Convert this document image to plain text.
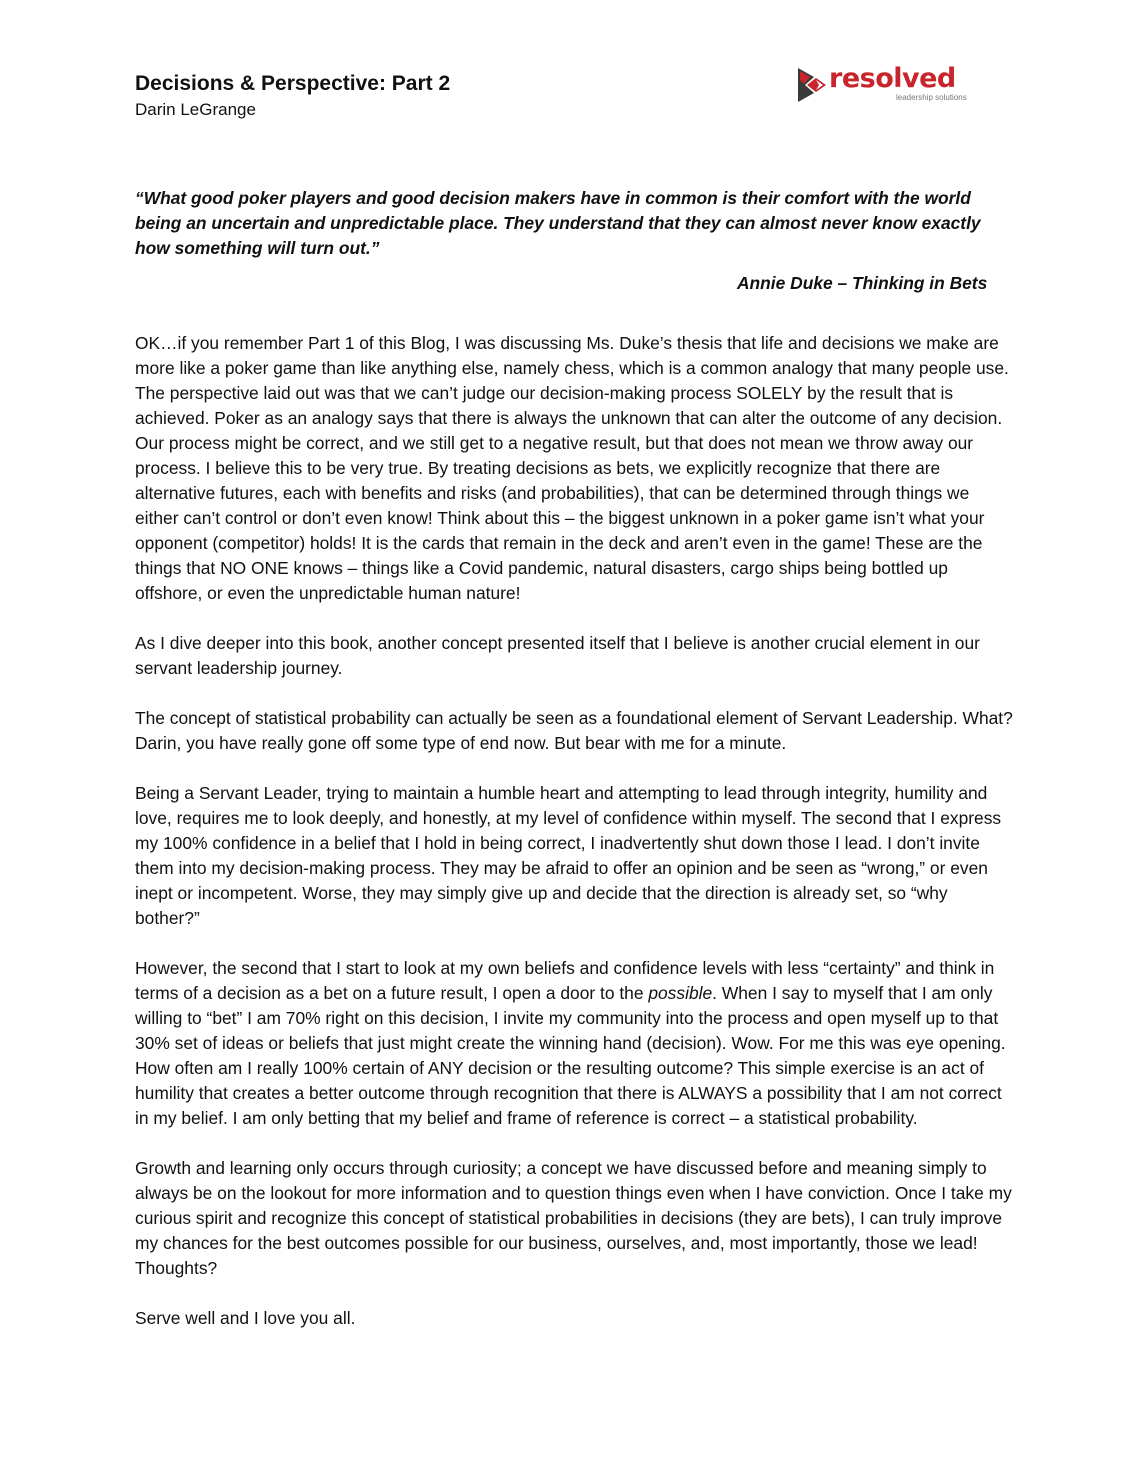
Decisions & Perspective: Part 2

Darin LeGrange

resolved
leadership solutions

“What good poker players and good decision makers have in common is their comfort with the world being an uncertain and unpredictable place. They understand that they can almost never know exactly how something will turn out.”

Annie Duke – Thinking in Bets

OK…if you remember Part 1 of this Blog, I was discussing Ms. Duke’s thesis that life and decisions we make are more like a poker game than like anything else, namely chess, which is a common analogy that many people use. The perspective laid out was that we can’t judge our decision-making process SOLELY by the result that is achieved. Poker as an analogy says that there is always the unknown that can alter the outcome of any decision. Our process might be correct, and we still get to a negative result, but that does not mean we throw away our process. I believe this to be very true. By treating decisions as bets, we explicitly recognize that there are alternative futures, each with benefits and risks (and probabilities), that can be determined through things we either can’t control or don’t even know! Think about this – the biggest unknown in a poker game isn’t what your opponent (competitor) holds! It is the cards that remain in the deck and aren’t even in the game! These are the things that NO ONE knows – things like a Covid pandemic, natural disasters, cargo ships being bottled up offshore, or even the unpredictable human nature!

As I dive deeper into this book, another concept presented itself that I believe is another crucial element in our servant leadership journey.

The concept of statistical probability can actually be seen as a foundational element of Servant Leadership. What? Darin, you have really gone off some type of end now. But bear with me for a minute.

Being a Servant Leader, trying to maintain a humble heart and attempting to lead through integrity, humility and love, requires me to look deeply, and honestly, at my level of confidence within myself. The second that I express my 100% confidence in a belief that I hold in being correct, I inadvertently shut down those I lead. I don’t invite them into my decision-making process. They may be afraid to offer an opinion and be seen as “wrong,” or even inept or incompetent. Worse, they may simply give up and decide that the direction is already set, so “why bother?”

However, the second that I start to look at my own beliefs and confidence levels with less “certainty” and think in terms of a decision as a bet on a future result, I open a door to the possible. When I say to myself that I am only willing to “bet” I am 70% right on this decision, I invite my community into the process and open myself up to that 30% set of ideas or beliefs that just might create the winning hand (decision). Wow. For me this was eye opening. How often am I really 100% certain of ANY decision or the resulting outcome? This simple exercise is an act of humility that creates a better outcome through recognition that there is ALWAYS a possibility that I am not correct in my belief. I am only betting that my belief and frame of reference is correct – a statistical probability.

Growth and learning only occurs through curiosity; a concept we have discussed before and meaning simply to always be on the lookout for more information and to question things even when I have conviction. Once I take my curious spirit and recognize this concept of statistical probabilities in decisions (they are bets), I can truly improve my chances for the best outcomes possible for our business, ourselves, and, most importantly, those we lead! Thoughts?

Serve well and I love you all.
